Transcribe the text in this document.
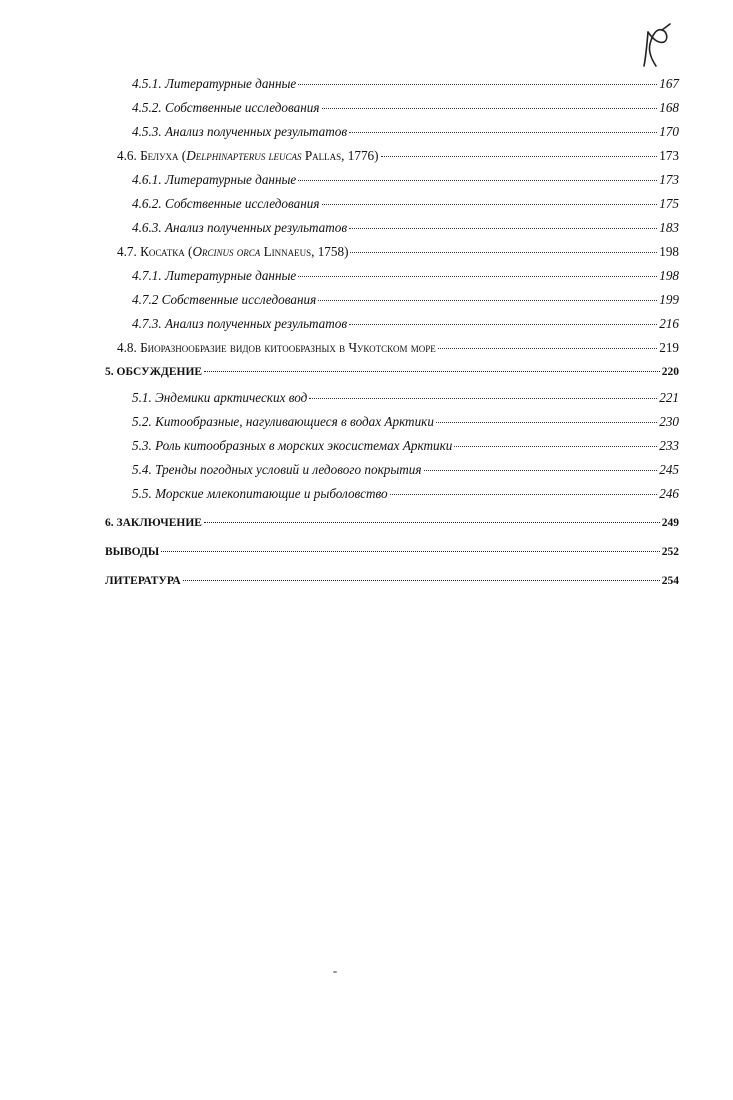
4.5.1. Литературные данные	167
4.5.2. Собственные исследования	168
4.5.3. Анализ полученных результатов	170
4.6. Белуха (Delphinapterus leucas Pallas, 1776)	173
4.6.1. Литературные данные	173
4.6.2. Собственные исследования	175
4.6.3. Анализ полученных результатов	183
4.7. Косатка (Orcinus orca Linnaeus, 1758)	198
4.7.1. Литературные данные	198
4.7.2 Собственные исследования	199
4.7.3. Анализ полученных результатов	216
4.8. Биоразнообразие видов китообразных в Чукотском море	219
5. ОБСУЖДЕНИЕ	220
5.1. Эндемики арктических вод	221
5.2. Китообразные, нагуливающиеся в водах Арктики	230
5.3. Роль китообразных в морских экосистемах Арктики	233
5.4. Тренды погодных условий и ледового покрытия	245
5.5. Морские млекопитающие и рыболовство	246
6. ЗАКЛЮЧЕНИЕ	249
ВЫВОДЫ	252
ЛИТЕРАТУРА	254
